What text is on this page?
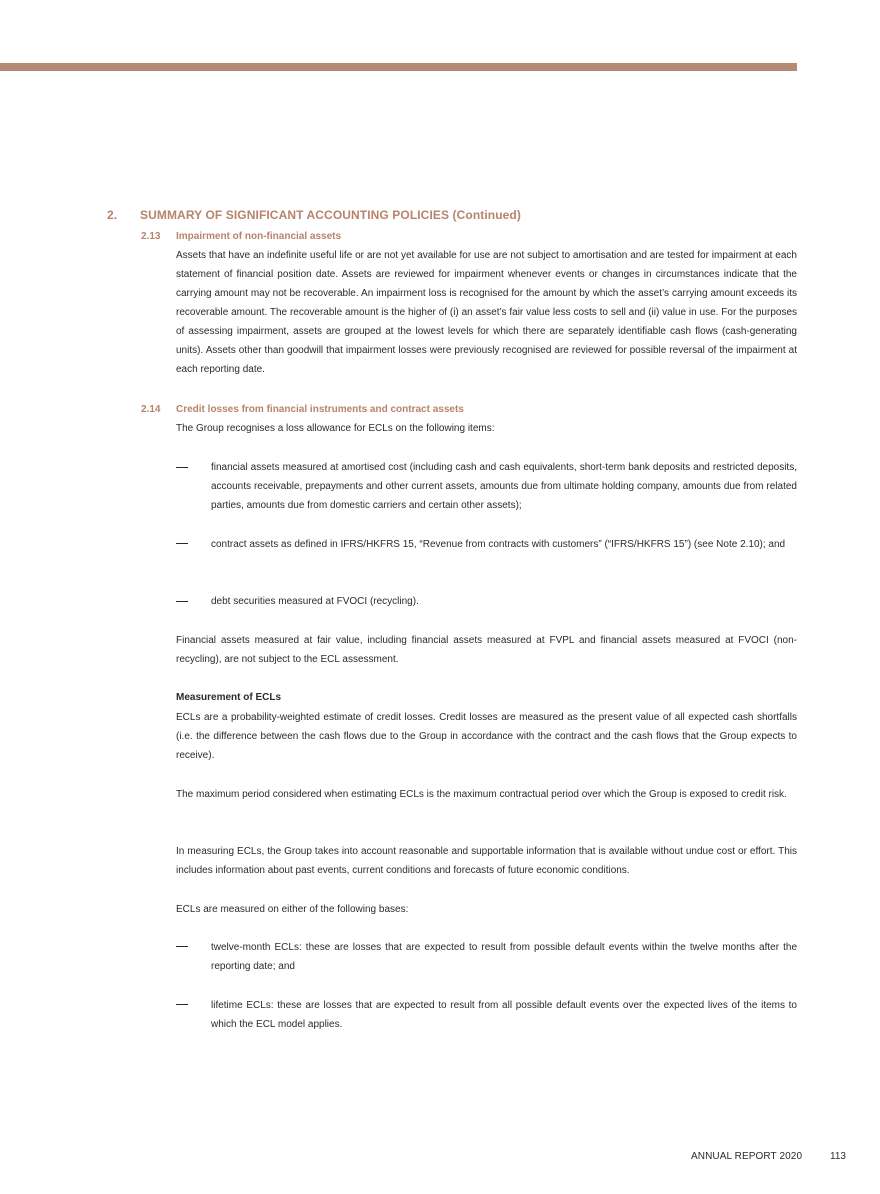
2. SUMMARY OF SIGNIFICANT ACCOUNTING POLICIES (Continued)
2.13 Impairment of non-financial assets
Assets that have an indefinite useful life or are not yet available for use are not subject to amortisation and are tested for impairment at each statement of financial position date. Assets are reviewed for impairment whenever events or changes in circumstances indicate that the carrying amount may not be recoverable. An impairment loss is recognised for the amount by which the asset’s carrying amount exceeds its recoverable amount. The recoverable amount is the higher of (i) an asset’s fair value less costs to sell and (ii) value in use. For the purposes of assessing impairment, assets are grouped at the lowest levels for which there are separately identifiable cash flows (cash-generating units). Assets other than goodwill that impairment losses were previously recognised are reviewed for possible reversal of the impairment at each reporting date.
2.14 Credit losses from financial instruments and contract assets
The Group recognises a loss allowance for ECLs on the following items:
financial assets measured at amortised cost (including cash and cash equivalents, short-term bank deposits and restricted deposits, accounts receivable, prepayments and other current assets, amounts due from ultimate holding company, amounts due from related parties, amounts due from domestic carriers and certain other assets);
contract assets as defined in IFRS/HKFRS 15, “Revenue from contracts with customers” (“IFRS/HKFRS 15”) (see Note 2.10); and
debt securities measured at FVOCI (recycling).
Financial assets measured at fair value, including financial assets measured at FVPL and financial assets measured at FVOCI (non-recycling), are not subject to the ECL assessment.
Measurement of ECLs
ECLs are a probability-weighted estimate of credit losses. Credit losses are measured as the present value of all expected cash shortfalls (i.e. the difference between the cash flows due to the Group in accordance with the contract and the cash flows that the Group expects to receive).
The maximum period considered when estimating ECLs is the maximum contractual period over which the Group is exposed to credit risk.
In measuring ECLs, the Group takes into account reasonable and supportable information that is available without undue cost or effort. This includes information about past events, current conditions and forecasts of future economic conditions.
ECLs are measured on either of the following bases:
twelve-month ECLs: these are losses that are expected to result from possible default events within the twelve months after the reporting date; and
lifetime ECLs: these are losses that are expected to result from all possible default events over the expected lives of the items to which the ECL model applies.
ANNUAL REPORT 2020	113
